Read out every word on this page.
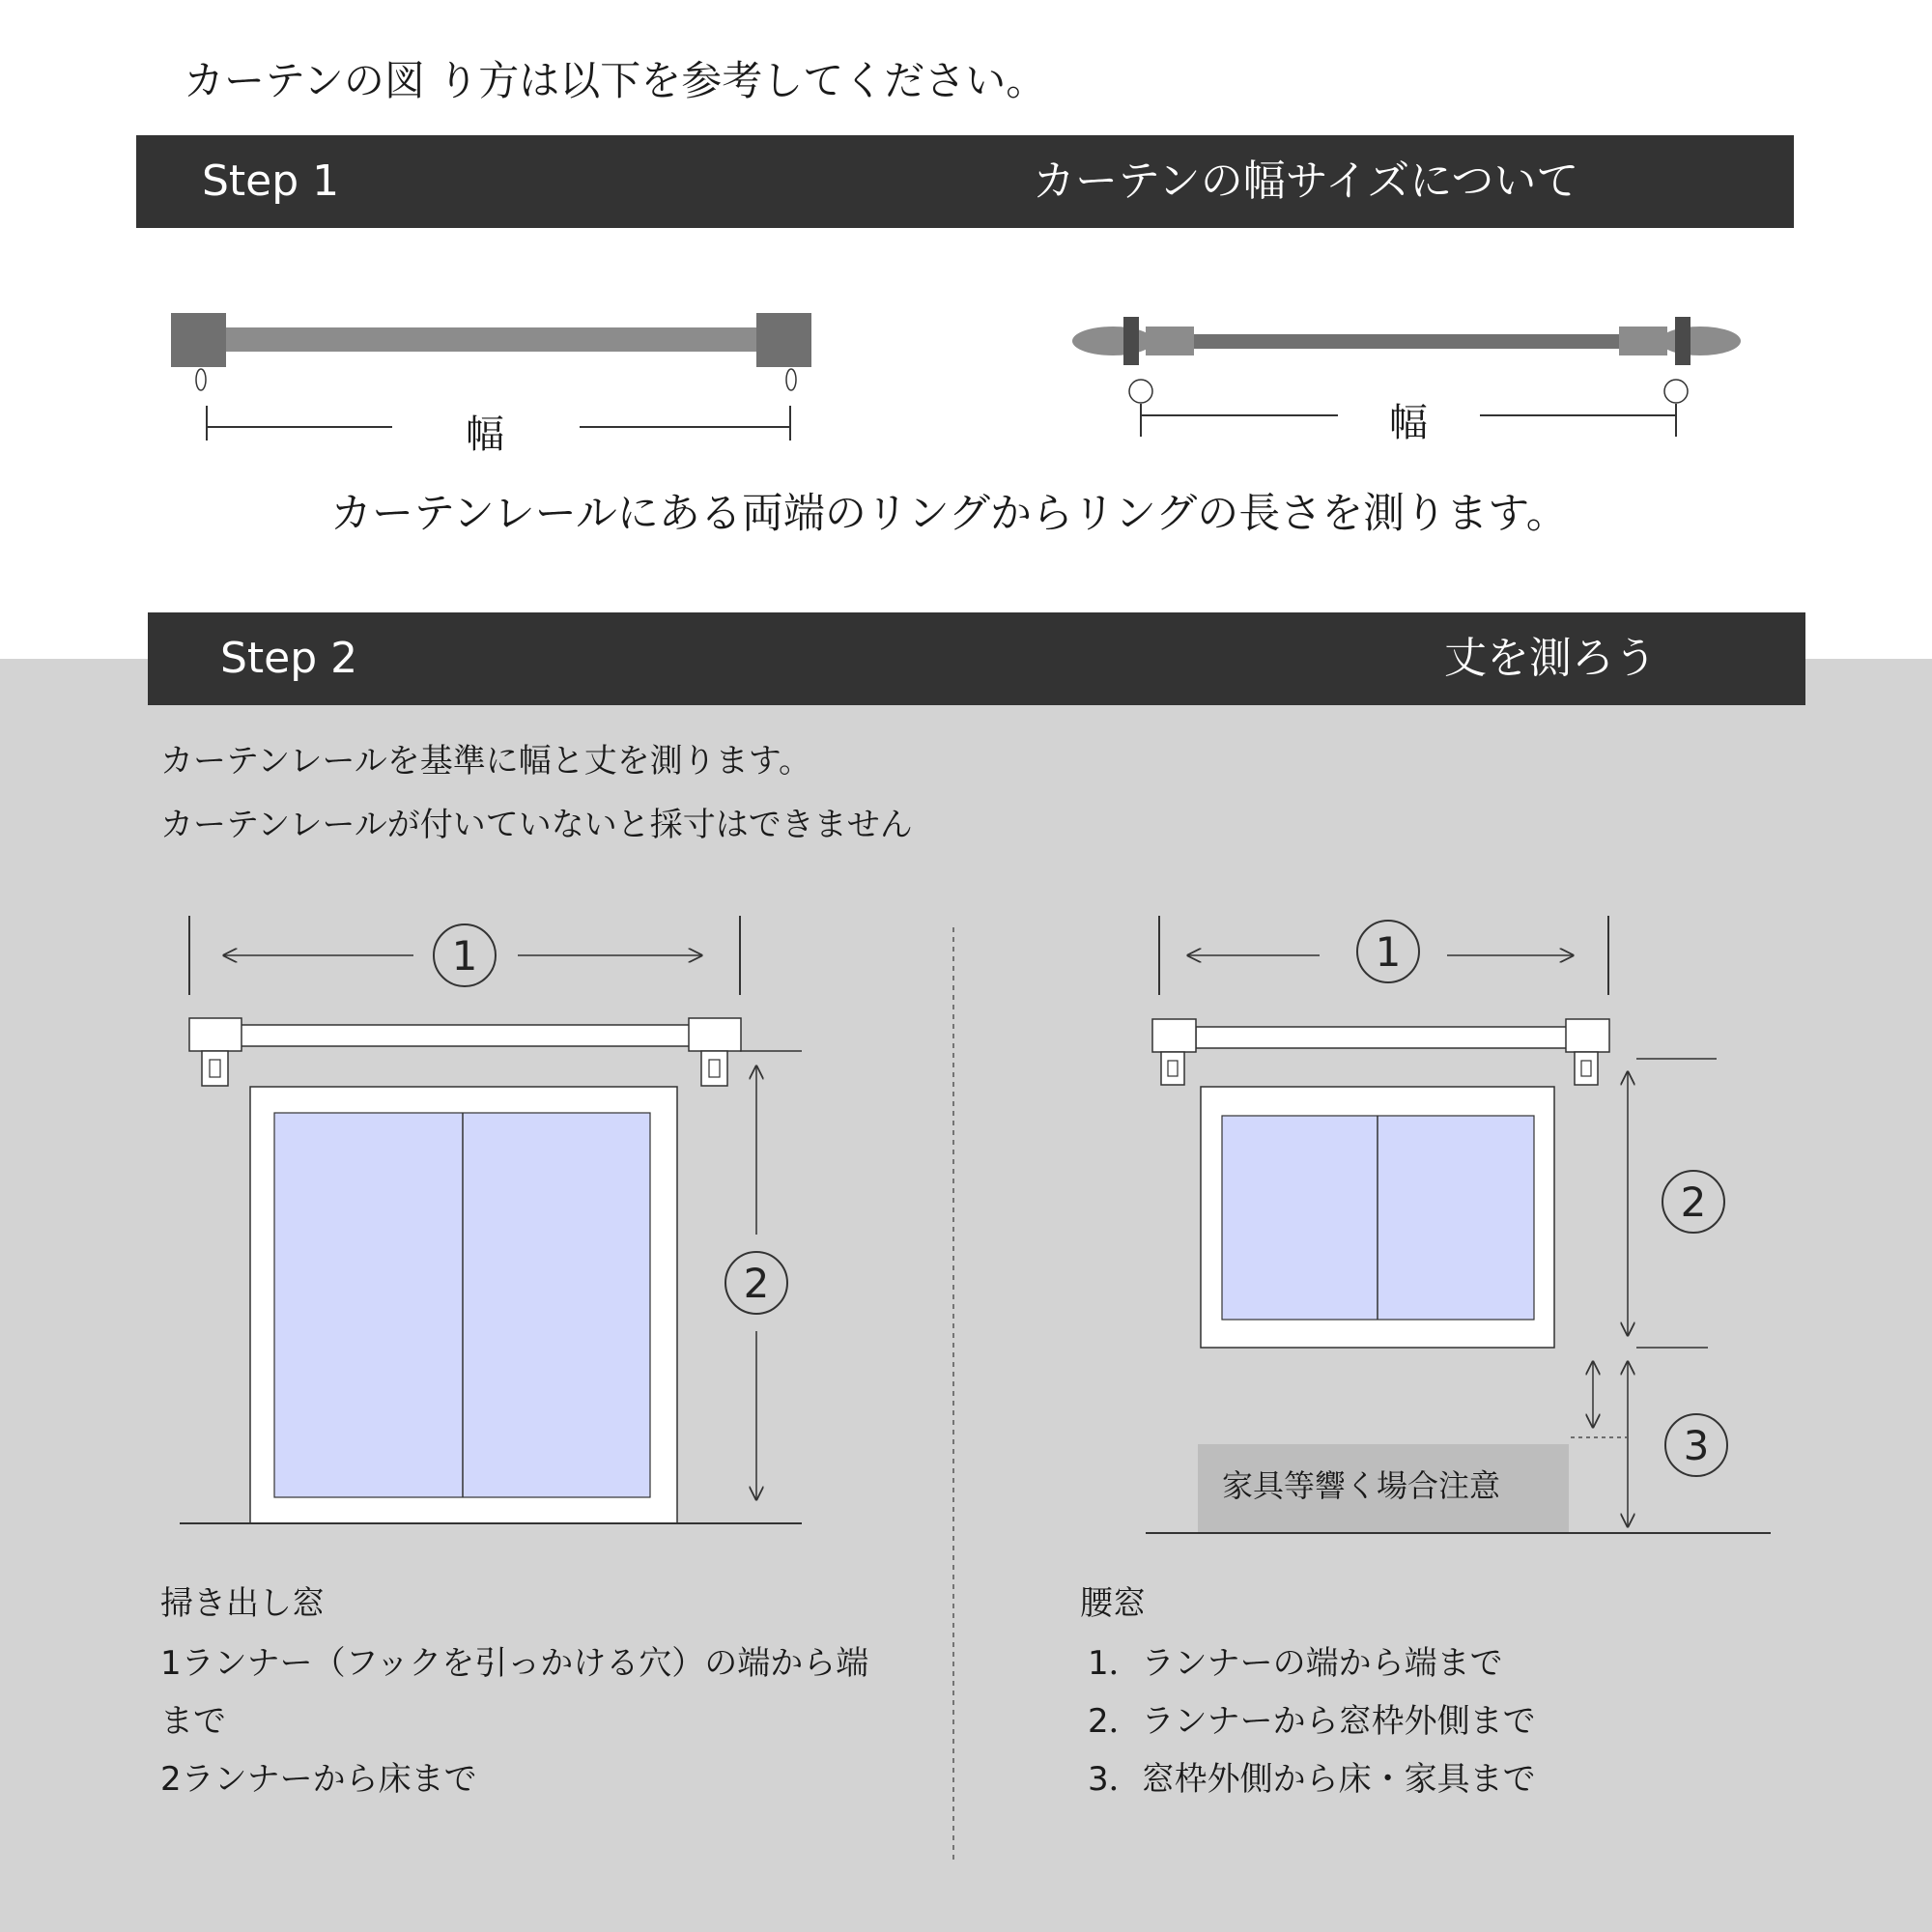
カーテンの図 り方は以下を参考してください。
Step 1	カーテンの幅サイズについて
幅	幅
カーテンレールにある両端のリングからリングの長さを測ります。
Step 2	丈を測ろう
カーテンレールを基準に幅と丈を測ります。
カーテンレールが付いていないと採寸はできません
1
2
1
2
3
家具等響く場合注意
掃き出し窓
1ランナー（フックを引っかける穴）の端から端
まで
2ランナーから床まで
腰窓
1．ランナーの端から端まで
2．ランナーから窓枠外側まで
3．窓枠外側から床・家具まで
